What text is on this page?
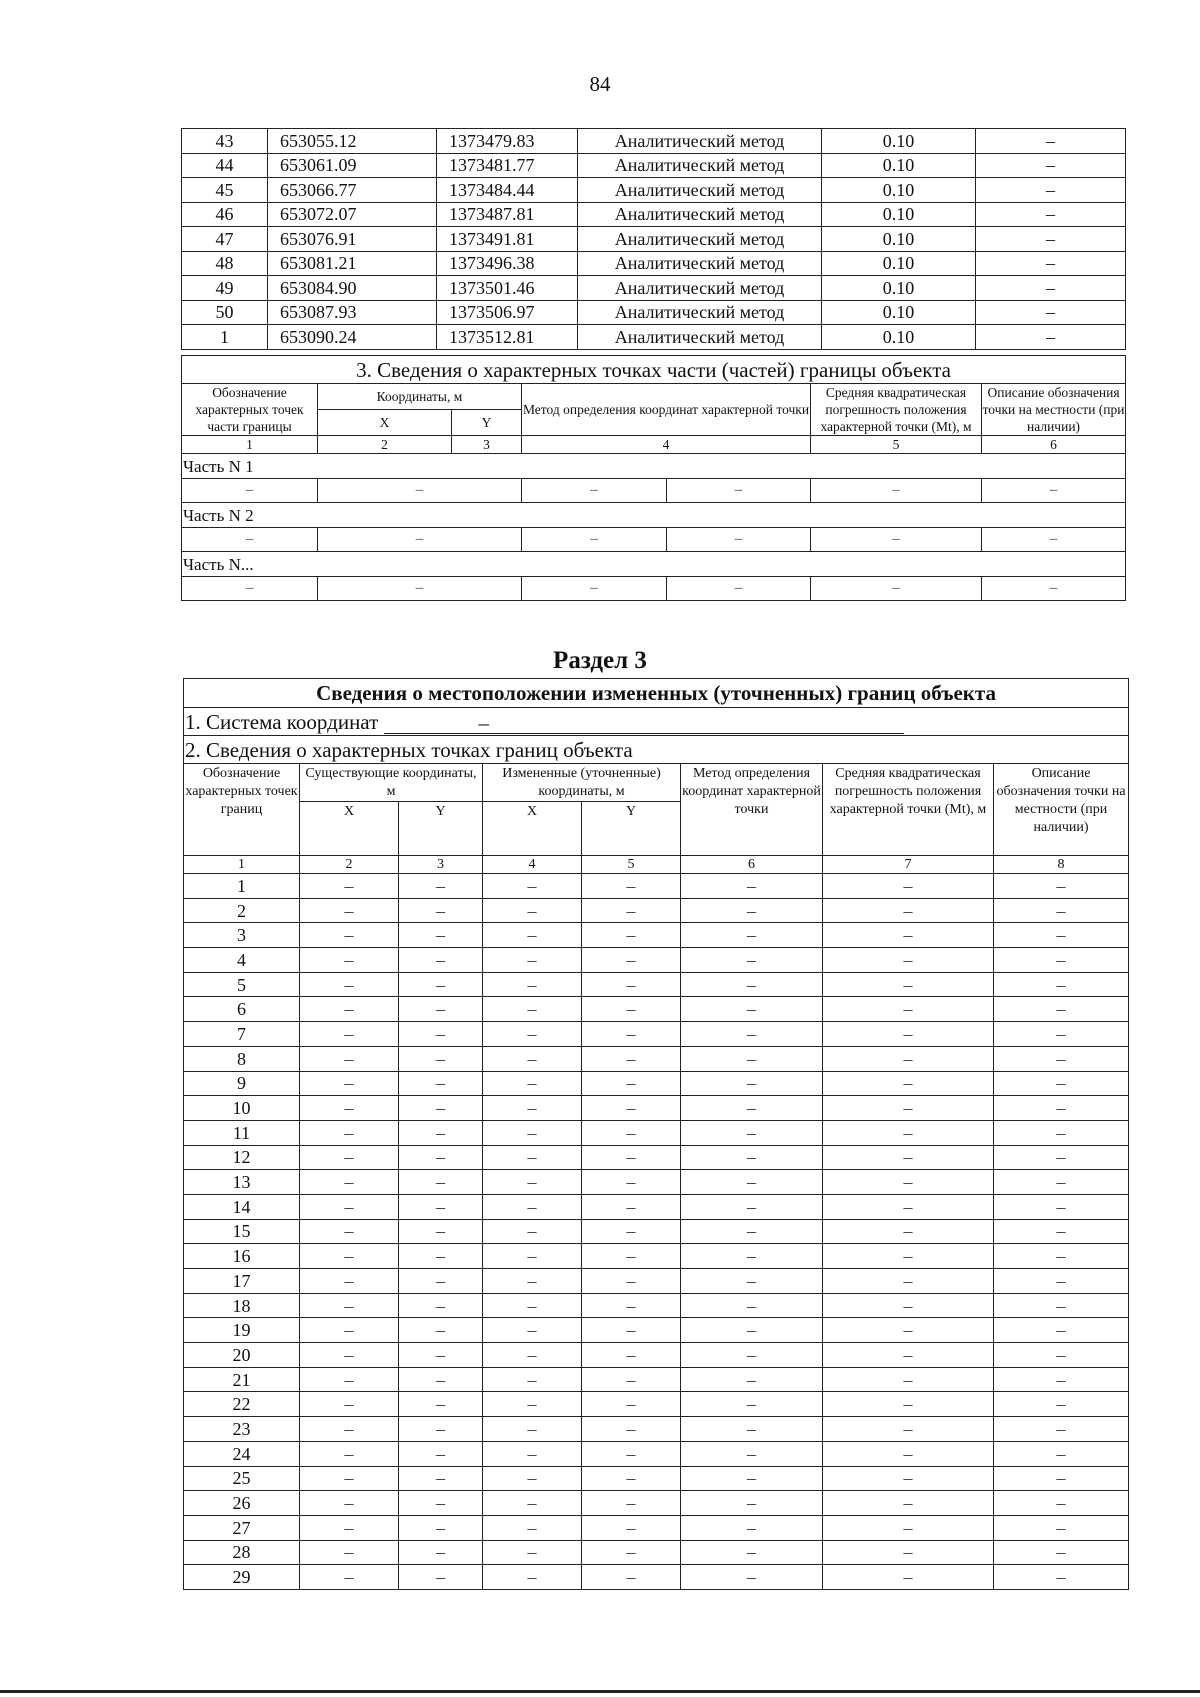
84
43	653055.12	1373479.83	Аналитический метод	0.10	–
44	653061.09	1373481.77	Аналитический метод	0.10	–
45	653066.77	1373484.44	Аналитический метод	0.10	–
46	653072.07	1373487.81	Аналитический метод	0.10	–
47	653076.91	1373491.81	Аналитический метод	0.10	–
48	653081.21	1373496.38	Аналитический метод	0.10	–
49	653084.90	1373501.46	Аналитический метод	0.10	–
50	653087.93	1373506.97	Аналитический метод	0.10	–
1	653090.24	1373512.81	Аналитический метод	0.10	–
3. Сведения о характерных точках части (частей) границы объекта						
Обозначение характерных точек части границы	Координаты, м		Метод определения координат характерной точки		Средняя квадратическая погрешность положения характерной точки (Mt), м	Описание обозначения точки на местности (при наличии)
	X	Y				
1	2	3	4		5	6
Часть N 1						
–	–		–	–	–	–
Часть N 2						
–	–		–	–	–	–
Часть N...						
–	–		–	–	–	–
Раздел 3
Сведения о местоположении измененных (уточненных) границ объекта							
1. Система координат –							

2. Сведения о характерных точках границ объекта							
Обозначение характерных точек границ	Существующие координаты, м		Измененные (уточненные) координаты, м		Метод определения координат характерной точки	Средняя квадратическая погрешность положения характерной точки (Mt), м	Описание обозначения точки на местности (при наличии)
	X	Y	X	Y			
1	2	3	4	5	6	7	8
1	–	–	–	–	–	–	–
2	–	–	–	–	–	–	–
3	–	–	–	–	–	–	–
4	–	–	–	–	–	–	–
5	–	–	–	–	–	–	–
6	–	–	–	–	–	–	–
7	–	–	–	–	–	–	–
8	–	–	–	–	–	–	–
9	–	–	–	–	–	–	–
10	–	–	–	–	–	–	–
11	–	–	–	–	–	–	–
12	–	–	–	–	–	–	–
13	–	–	–	–	–	–	–
14	–	–	–	–	–	–	–
15	–	–	–	–	–	–	–
16	–	–	–	–	–	–	–
17	–	–	–	–	–	–	–
18	–	–	–	–	–	–	–
19	–	–	–	–	–	–	–
20	–	–	–	–	–	–	–
21	–	–	–	–	–	–	–
22	–	–	–	–	–	–	–
23	–	–	–	–	–	–	–
24	–	–	–	–	–	–	–
25	–	–	–	–	–	–	–
26	–	–	–	–	–	–	–
27	–	–	–	–	–	–	–
28	–	–	–	–	–	–	–
29	–	–	–	–	–	–	–
